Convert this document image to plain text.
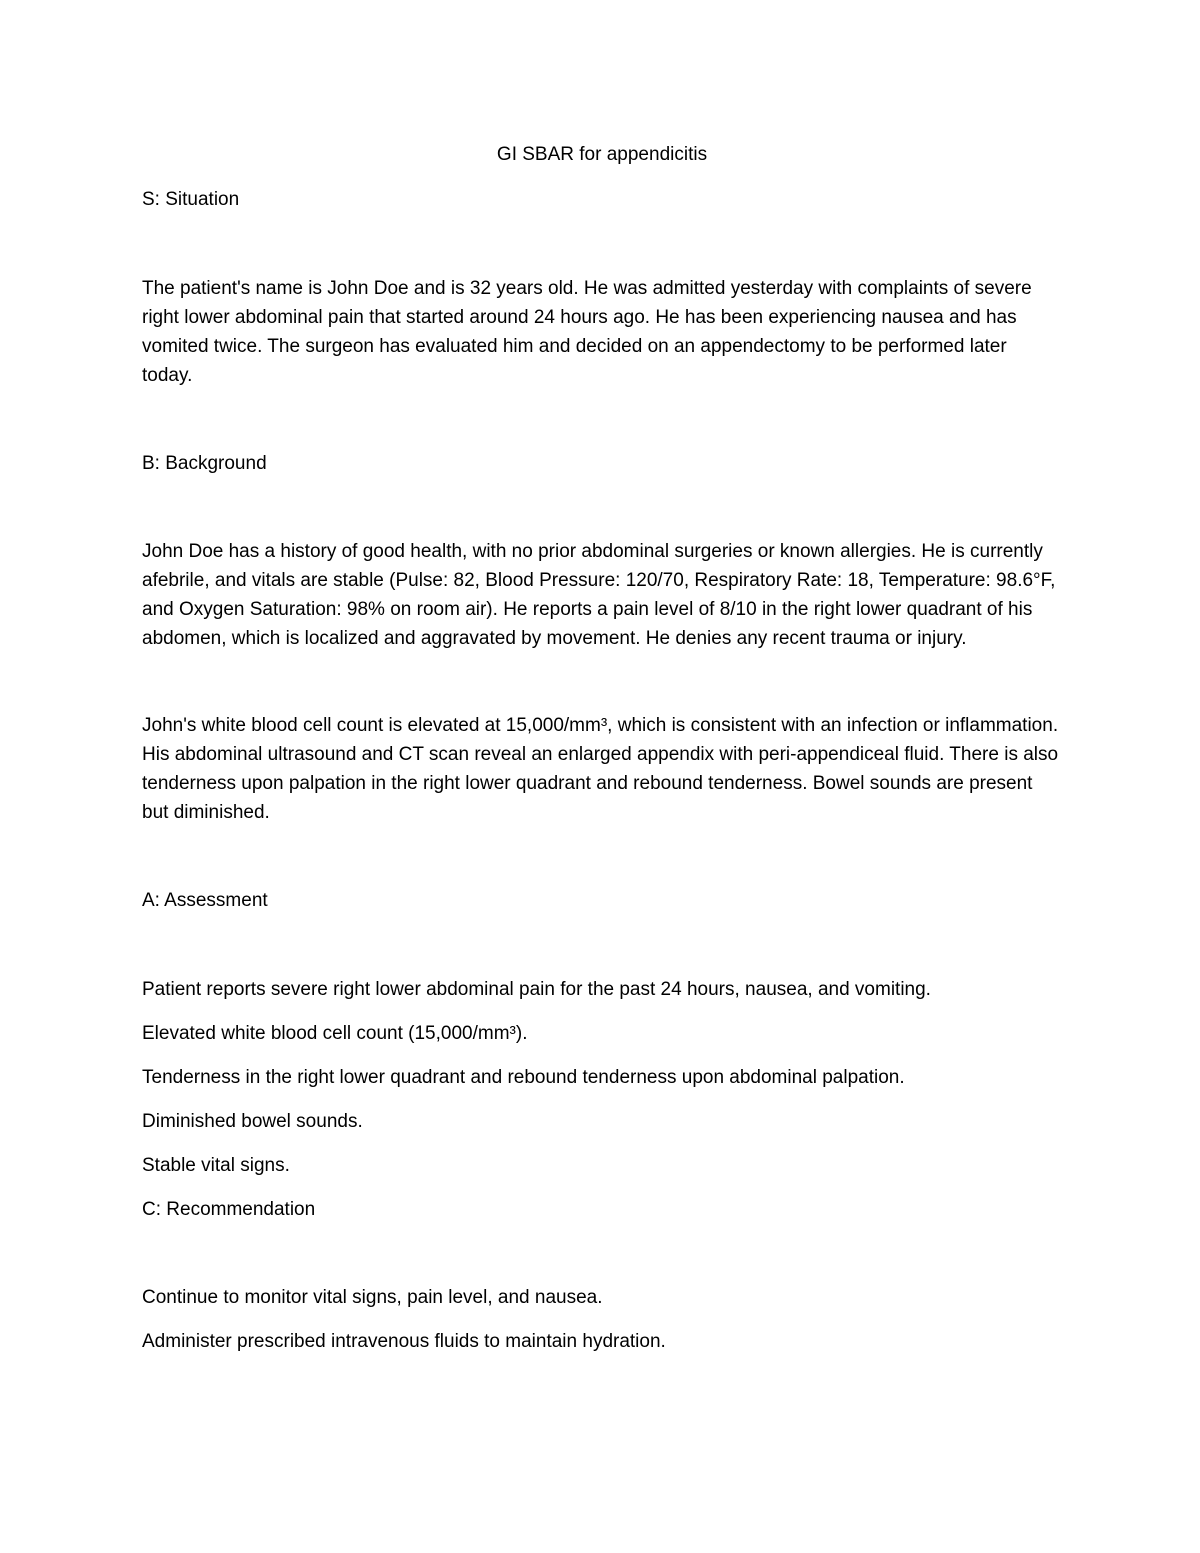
GI SBAR for appendicitis

S: Situation

The patient's name is John Doe and is 32 years old. He was admitted yesterday with complaints of severe right lower abdominal pain that started around 24 hours ago. He has been experiencing nausea and has vomited twice. The surgeon has evaluated him and decided on an appendectomy to be performed later today.

B: Background

John Doe has a history of good health, with no prior abdominal surgeries or known allergies. He is currently afebrile, and vitals are stable (Pulse: 82, Blood Pressure: 120/70, Respiratory Rate: 18, Temperature: 98.6°F, and Oxygen Saturation: 98% on room air). He reports a pain level of 8/10 in the right lower quadrant of his abdomen, which is localized and aggravated by movement. He denies any recent trauma or injury.

John's white blood cell count is elevated at 15,000/mm³, which is consistent with an infection or inflammation. His abdominal ultrasound and CT scan reveal an enlarged appendix with peri-appendiceal fluid. There is also tenderness upon palpation in the right lower quadrant and rebound tenderness. Bowel sounds are present but diminished.

A: Assessment

Patient reports severe right lower abdominal pain for the past 24 hours, nausea, and vomiting.

Elevated white blood cell count (15,000/mm³).

Tenderness in the right lower quadrant and rebound tenderness upon abdominal palpation.

Diminished bowel sounds.

Stable vital signs.

C: Recommendation

Continue to monitor vital signs, pain level, and nausea.

Administer prescribed intravenous fluids to maintain hydration.
